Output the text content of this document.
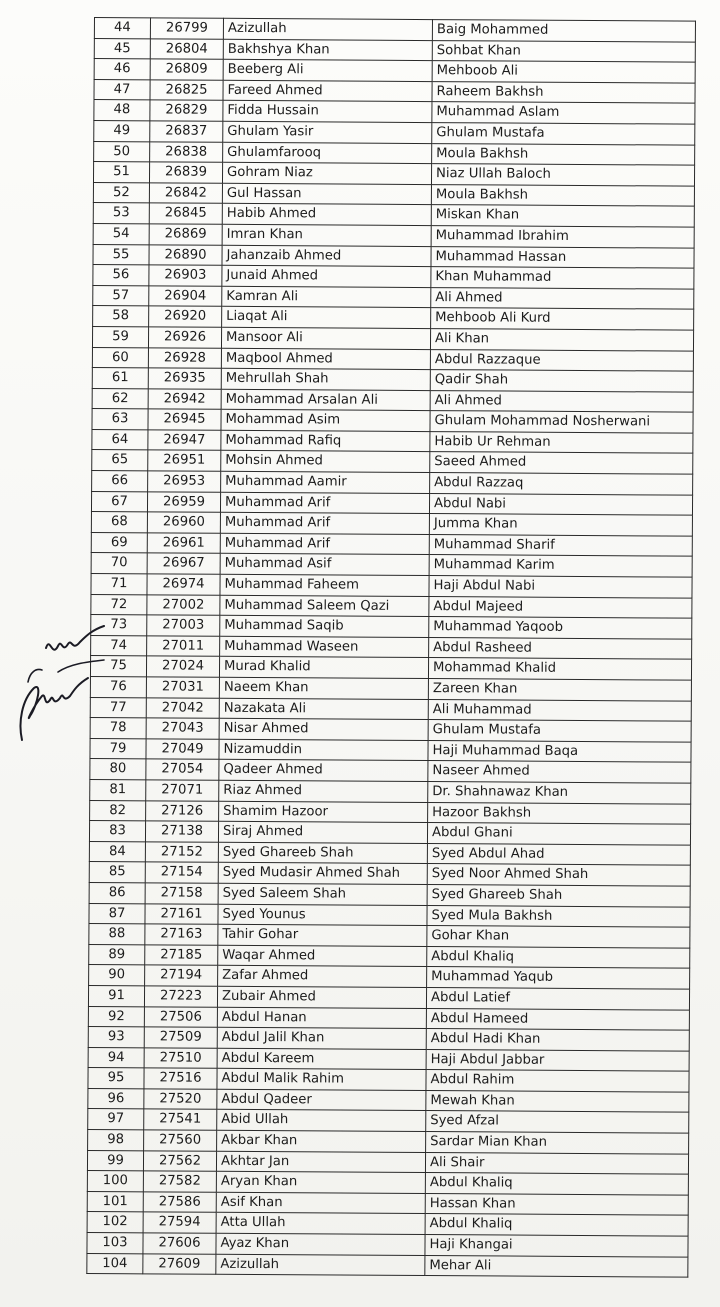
44	26799	Azizullah	Baig Mohammed
45	26804	Bakhshya Khan	Sohbat Khan
46	26809	Beeberg Ali	Mehboob Ali
47	26825	Fareed Ahmed	Raheem Bakhsh
48	26829	Fidda Hussain	Muhammad Aslam
49	26837	Ghulam Yasir	Ghulam Mustafa
50	26838	Ghulamfarooq	Moula Bakhsh
51	26839	Gohram Niaz	Niaz Ullah Baloch
52	26842	Gul Hassan	Moula Bakhsh
53	26845	Habib Ahmed	Miskan Khan
54	26869	Imran Khan	Muhammad Ibrahim
55	26890	Jahanzaib Ahmed	Muhammad Hassan
56	26903	Junaid Ahmed	Khan Muhammad
57	26904	Kamran Ali	Ali Ahmed
58	26920	Liaqat Ali	Mehboob Ali Kurd
59	26926	Mansoor Ali	Ali Khan
60	26928	Maqbool Ahmed	Abdul Razzaque
61	26935	Mehrullah Shah	Qadir Shah
62	26942	Mohammad Arsalan Ali	Ali Ahmed
63	26945	Mohammad Asim	Ghulam Mohammad Nosherwani
64	26947	Mohammad Rafiq	Habib Ur Rehman
65	26951	Mohsin Ahmed	Saeed Ahmed
66	26953	Muhammad Aamir	Abdul Razzaq
67	26959	Muhammad Arif	Abdul Nabi
68	26960	Muhammad Arif	Jumma Khan
69	26961	Muhammad Arif	Muhammad Sharif
70	26967	Muhammad Asif	Muhammad Karim
71	26974	Muhammad Faheem	Haji Abdul Nabi
72	27002	Muhammad Saleem Qazi	Abdul Majeed
73	27003	Muhammad Saqib	Muhammad Yaqoob
74	27011	Muhammad Waseen	Abdul Rasheed
75	27024	Murad Khalid	Mohammad Khalid
76	27031	Naeem Khan	Zareen Khan
77	27042	Nazakata Ali	Ali Muhammad
78	27043	Nisar Ahmed	Ghulam Mustafa
79	27049	Nizamuddin	Haji Muhammad Baqa
80	27054	Qadeer Ahmed	Naseer Ahmed
81	27071	Riaz Ahmed	Dr. Shahnawaz Khan
82	27126	Shamim Hazoor	Hazoor Bakhsh
83	27138	Siraj Ahmed	Abdul Ghani
84	27152	Syed Ghareeb Shah	Syed Abdul Ahad
85	27154	Syed Mudasir Ahmed Shah	Syed Noor Ahmed Shah
86	27158	Syed Saleem Shah	Syed Ghareeb Shah
87	27161	Syed Younus	Syed Mula Bakhsh
88	27163	Tahir Gohar	Gohar Khan
89	27185	Waqar Ahmed	Abdul Khaliq
90	27194	Zafar Ahmed	Muhammad Yaqub
91	27223	Zubair Ahmed	Abdul Latief
92	27506	Abdul Hanan	Abdul Hameed
93	27509	Abdul Jalil Khan	Abdul Hadi Khan
94	27510	Abdul Kareem	Haji Abdul Jabbar
95	27516	Abdul Malik Rahim	Abdul Rahim
96	27520	Abdul Qadeer	Mewah Khan
97	27541	Abid Ullah	Syed Afzal
98	27560	Akbar Khan	Sardar Mian Khan
99	27562	Akhtar Jan	Ali Shair
100	27582	Aryan Khan	Abdul Khaliq
101	27586	Asif Khan	Hassan Khan
102	27594	Atta Ullah	Abdul Khaliq
103	27606	Ayaz Khan	Haji Khangai
104	27609	Azizullah	Mehar Ali
